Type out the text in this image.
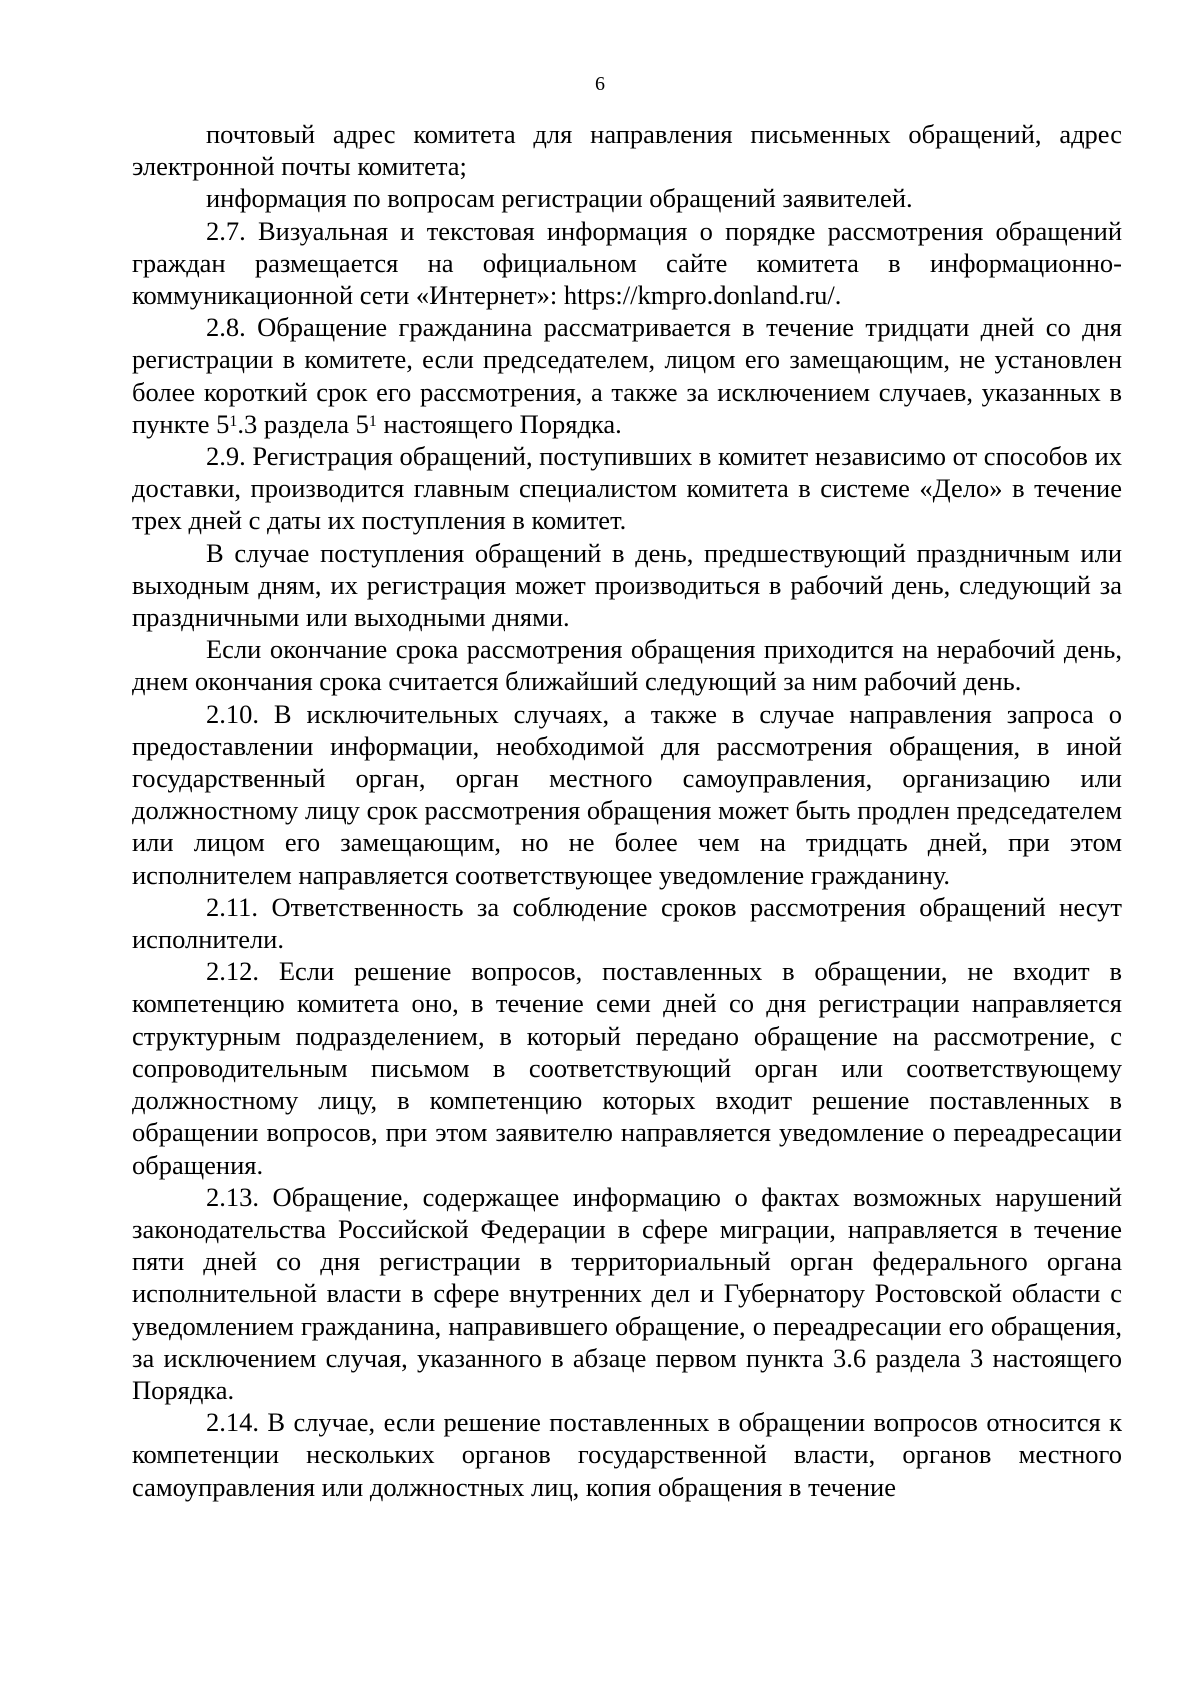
6

почтовый адрес комитета для направления письменных обращений, адрес электронной почты комитета;

информация по вопросам регистрации обращений заявителей.

2.7. Визуальная и текстовая информация о порядке рассмотрения обращений граждан размещается на официальном сайте комитета в информационно-коммуникационной сети «Интернет»: https://kmpro.donland.ru/.

2.8. Обращение гражданина рассматривается в течение тридцати дней со дня регистрации в комитете, если председателем, лицом его замещающим, не установлен более короткий срок его рассмотрения, а также за исключением случаев, указанных в пункте $5^1.3$ раздела $5^1$ настоящего Порядка.

2.9. Регистрация обращений, поступивших в комитет независимо от способов их доставки, производится главным специалистом комитета в системе «Дело» в течение трех дней с даты их поступления в комитет.

В случае поступления обращений в день, предшествующий праздничным или выходным дням, их регистрация может производиться в рабочий день, следующий за праздничными или выходными днями.

Если окончание срока рассмотрения обращения приходится на нерабочий день, днем окончания срока считается ближайший следующий за ним рабочий день.

2.10. В исключительных случаях, а также в случае направления запроса о предоставлении информации, необходимой для рассмотрения обращения, в иной государственный орган, орган местного самоуправления, организацию или должностному лицу срок рассмотрения обращения может быть продлен председателем или лицом его замещающим, но не более чем на тридцать дней, при этом исполнителем направляется соответствующее уведомление гражданину.

2.11. Ответственность за соблюдение сроков рассмотрения обращений несут исполнители.

2.12. Если решение вопросов, поставленных в обращении, не входит в компетенцию комитета оно, в течение семи дней со дня регистрации направляется структурным подразделением, в который передано обращение на рассмотрение, с сопроводительным письмом в соответствующий орган или соответствующему должностному лицу, в компетенцию которых входит решение поставленных в обращении вопросов, при этом заявителю направляется уведомление о переадресации обращения.

2.13. Обращение, содержащее информацию о фактах возможных нарушений законодательства Российской Федерации в сфере миграции, направляется в течение пяти дней со дня регистрации в территориальный орган федерального органа исполнительной власти в сфере внутренних дел и Губернатору Ростовской области с уведомлением гражданина, направившего обращение, о переадресации его обращения, за исключением случая, указанного в абзаце первом пункта 3.6 раздела 3 настоящего Порядка.

2.14. В случае, если решение поставленных в обращении вопросов относится к компетенции нескольких органов государственной власти, органов местного самоуправления или должностных лиц, копия обращения в течение
